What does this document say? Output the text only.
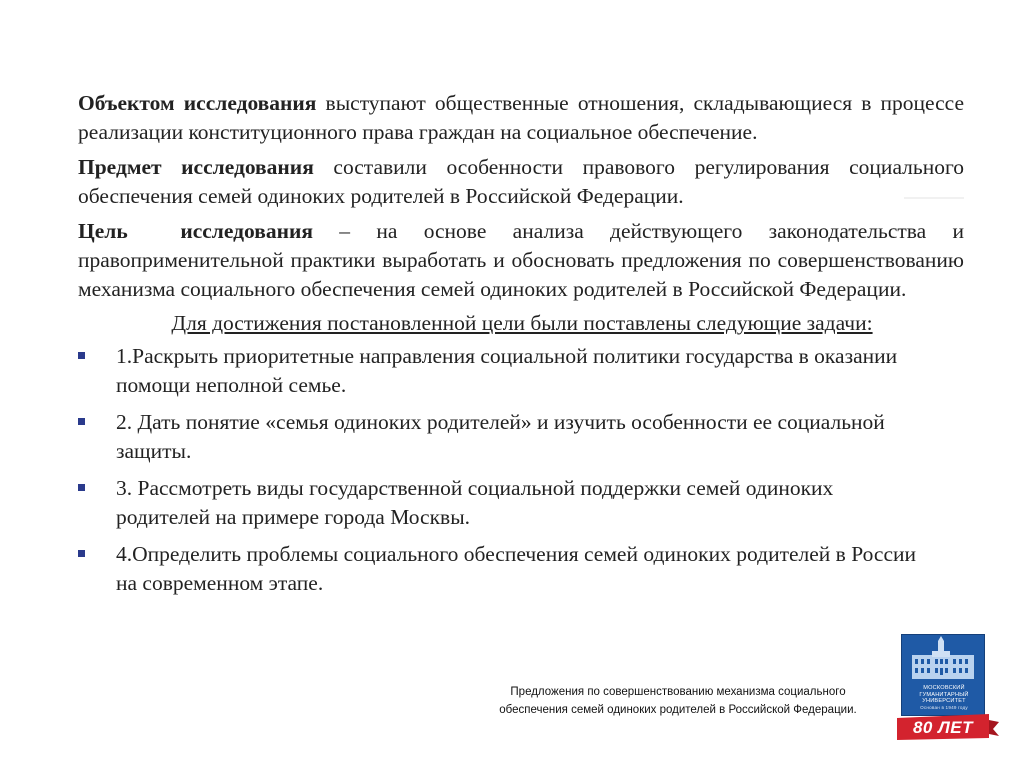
Объектом исследования выступают общественные отношения, складывающиеся в процессе реализации конституционного права граждан на социальное обеспечение.

Предмет исследования составили особенности правового регулирования социального обеспечения семей одиноких родителей в Российской Федерации.

Цель  исследования – на основе анализа действующего законодательства и правоприменительной практики выработать и обосновать предложения по совершенствованию механизма социального обеспечения семей одиноких родителей в Российской Федерации.

Для достижения постановленной цели были поставлены следующие задачи:

1.Раскрыть приоритетные направления социальной политики государства в оказании помощи неполной семье.
2. Дать понятие «семья одиноких родителей» и изучить особенности ее социальной защиты.
3. Рассмотреть виды государственной социальной поддержки семей одиноких родителей на примере города Москвы.
4.Определить проблемы социального обеспечения семей одиноких родителей в России на современном этапе.
Предложения по совершенствованию механизма социального
обеспечения семей одиноких родителей в Российской Федерации.
МОСКОВСКИЙ
ГУМАНИТАРНЫЙ
УНИВЕРСИТЕТ
Основан в 1949 году
80 ЛЕТ
